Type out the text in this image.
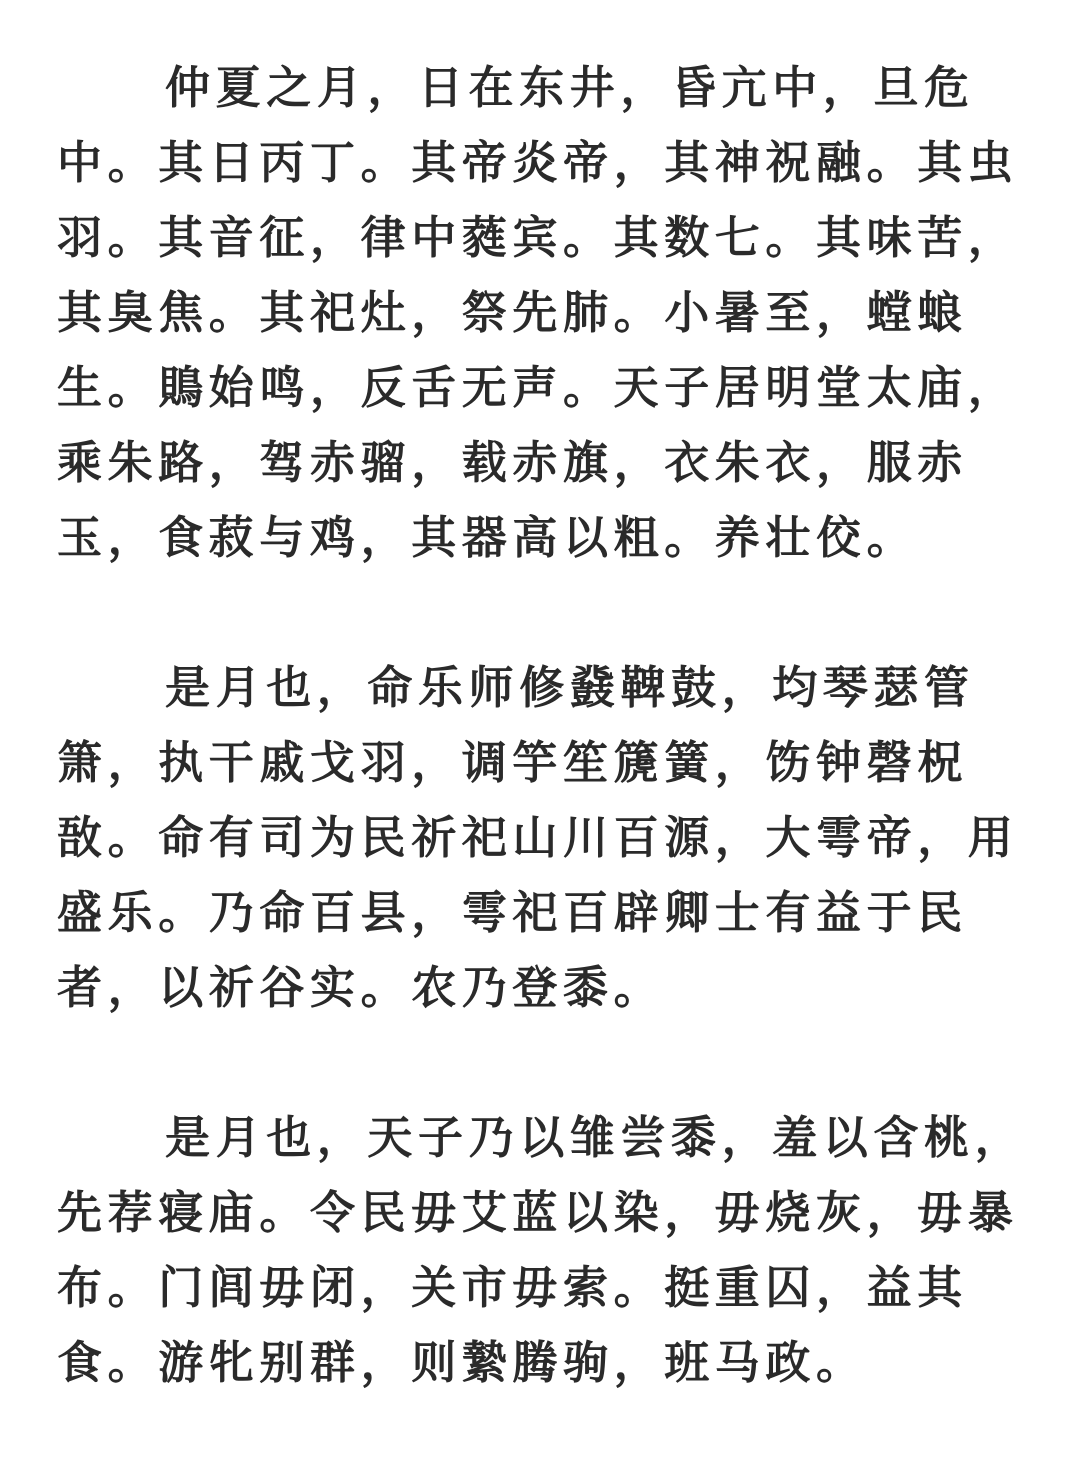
仲夏之月，日在东井，昏亢中，旦危
中。其日丙丁。其帝炎帝，其神祝融。其虫
羽。其音征，律中蕤宾。其数七。其味苦，
其臭焦。其祀灶，祭先肺。小暑至，螳蜋
生。鵙始鸣，反舌无声。天子居明堂太庙，
乘朱路，驾赤骝，载赤旗，衣朱衣，服赤
玉，食菽与鸡，其器高以粗。养壮佼。
是月也，命乐师修鼗鞞鼓，均琴瑟管
箫，执干戚戈羽，调竽笙篪簧，饬钟磬柷
敔。命有司为民祈祀山川百源，大雩帝，用
盛乐。乃命百县，雩祀百辟卿士有益于民
者，以祈谷实。农乃登黍。
是月也，天子乃以雏尝黍，羞以含桃，
先荐寝庙。令民毋艾蓝以染，毋烧灰，毋暴
布。门闾毋闭，关市毋索。挺重囚，益其
食。游牝别群，则縶腾驹，班马政。
